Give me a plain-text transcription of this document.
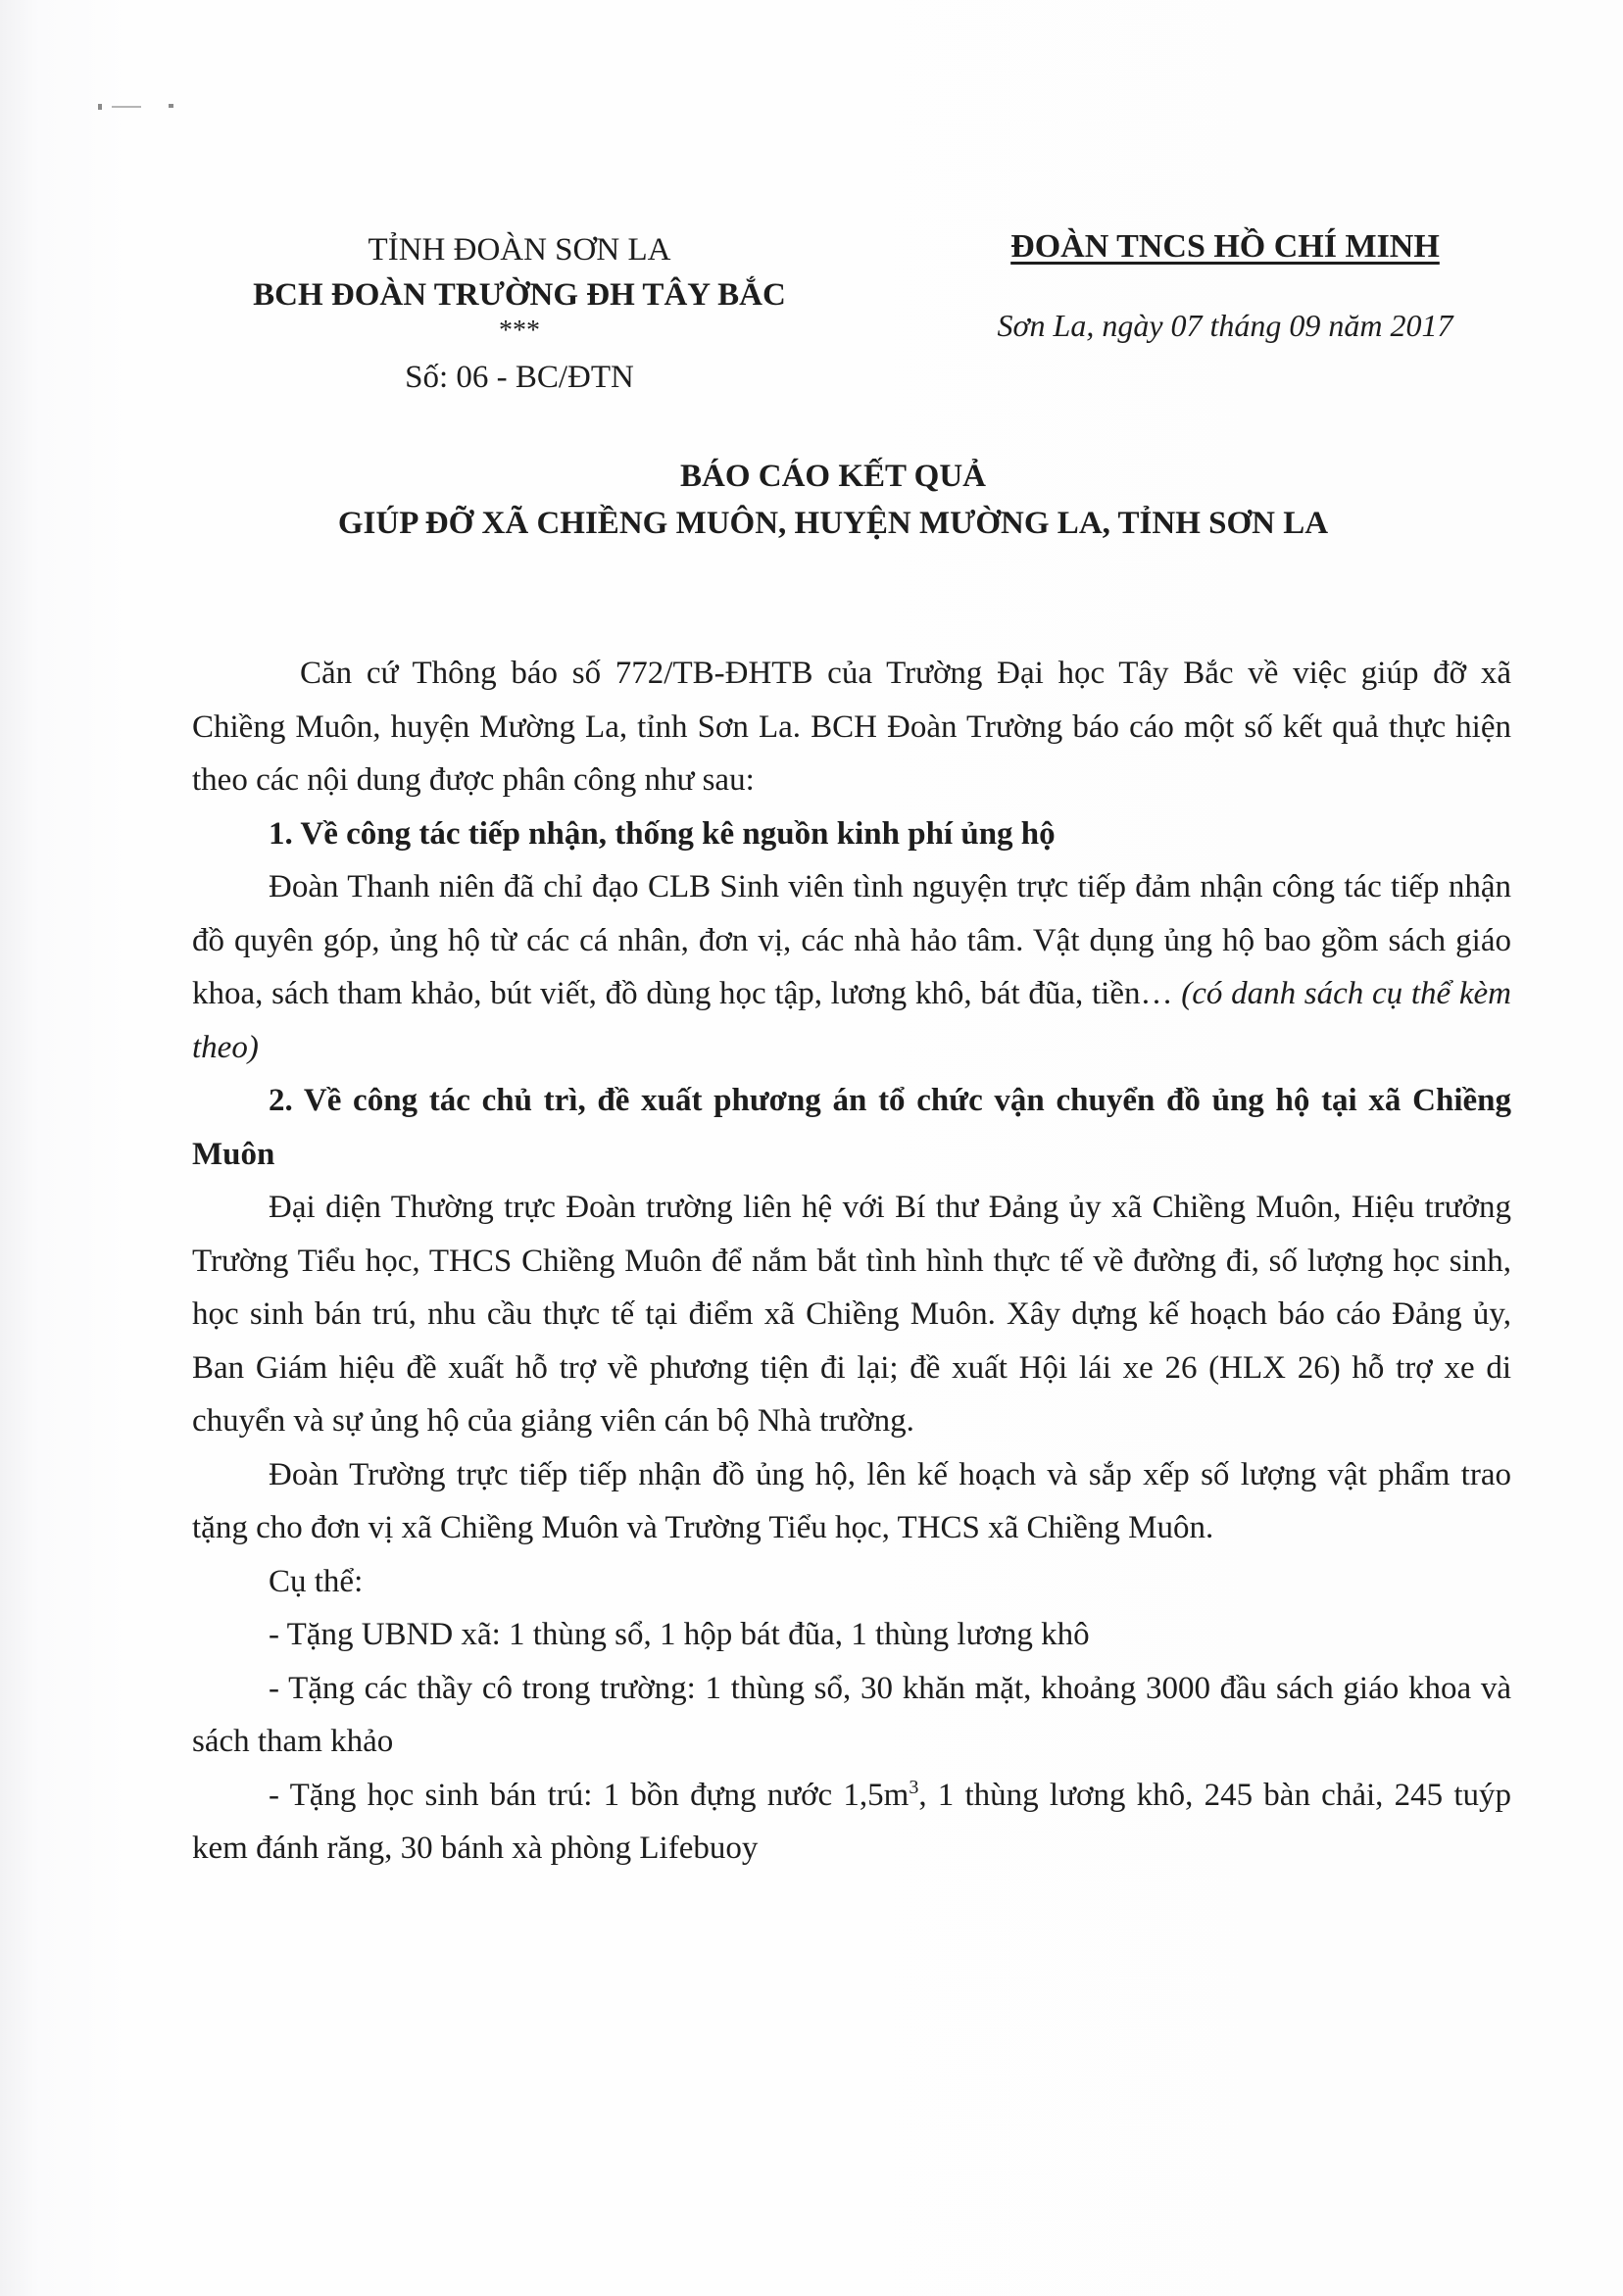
TỈNH ĐOÀN SƠN LA
BCH ĐOÀN TRƯỜNG ĐH TÂY BẮC
***
Số: 06 - BC/ĐTN
ĐOÀN TNCS HỒ CHÍ MINH
Sơn La, ngày 07 tháng 09 năm 2017
BÁO CÁO KẾT QUẢ
GIÚP ĐỠ XÃ CHIỀNG MUÔN, HUYỆN MƯỜNG LA, TỈNH SƠN LA

Căn cứ Thông báo số 772/TB-ĐHTB của Trường Đại học Tây Bắc về việc giúp đỡ xã Chiềng Muôn, huyện Mường La, tỉnh Sơn La. BCH Đoàn Trường báo cáo một số kết quả thực hiện theo các nội dung được phân công như sau:

1. Về công tác tiếp nhận, thống kê nguồn kinh phí ủng hộ

Đoàn Thanh niên đã chỉ đạo CLB Sinh viên tình nguyện trực tiếp đảm nhận công tác tiếp nhận đồ quyên góp, ủng hộ từ các cá nhân, đơn vị, các nhà hảo tâm. Vật dụng ủng hộ bao gồm sách giáo khoa, sách tham khảo, bút viết, đồ dùng học tập, lương khô, bát đũa, tiền… (có danh sách cụ thể kèm theo)

2. Về công tác chủ trì, đề xuất phương án tổ chức vận chuyển đồ ủng hộ tại xã Chiềng Muôn

Đại diện Thường trực Đoàn trường liên hệ với Bí thư Đảng ủy xã Chiềng Muôn, Hiệu trưởng Trường Tiểu học, THCS Chiềng Muôn để nắm bắt tình hình thực tế về đường đi, số lượng học sinh, học sinh bán trú, nhu cầu thực tế tại điểm xã Chiềng Muôn. Xây dựng kế hoạch báo cáo Đảng ủy, Ban Giám hiệu đề xuất hỗ trợ về phương tiện đi lại; đề xuất Hội lái xe 26 (HLX 26) hỗ trợ xe di chuyển và sự ủng hộ của giảng viên cán bộ Nhà trường.

Đoàn Trường trực tiếp tiếp nhận đồ ủng hộ, lên kế hoạch và sắp xếp số lượng vật phẩm trao tặng cho đơn vị xã Chiềng Muôn và Trường Tiểu học, THCS xã Chiềng Muôn.

Cụ thể:

- Tặng UBND xã: 1 thùng sổ, 1 hộp bát đũa, 1 thùng lương khô

- Tặng các thầy cô trong trường: 1 thùng sổ, 30 khăn mặt, khoảng 3000 đầu sách giáo khoa và sách tham khảo

- Tặng học sinh bán trú: 1 bồn đựng nước $1,5m^3$, 1 thùng lương khô, 245 bàn chải, 245 tuýp kem đánh răng, 30 bánh xà phòng Lifebuoy
